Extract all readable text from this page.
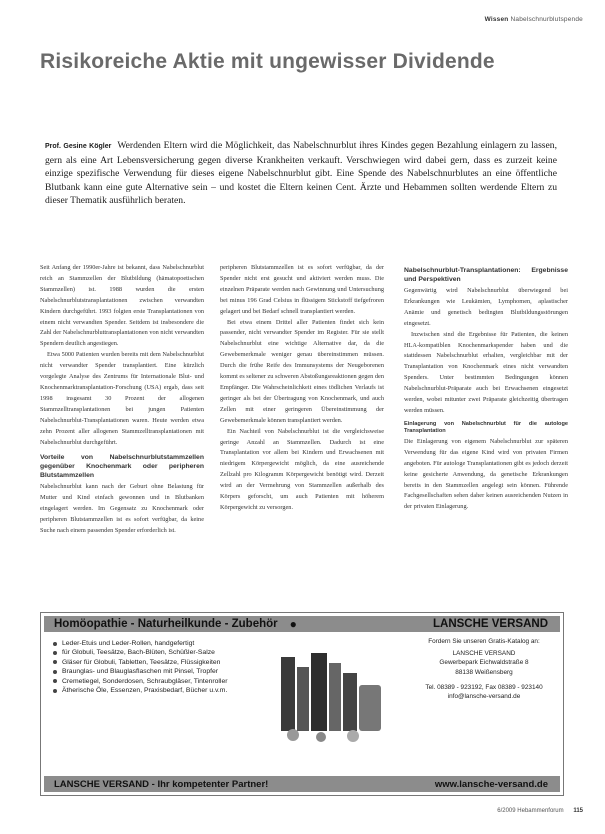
Wissen Nabelschnurblutspende
Risikoreiche Aktie mit ungewisser Dividende
Prof. Gesine Kögler Werdenden Eltern wird die Möglichkeit, das Nabelschnurblut ihres Kindes gegen Bezahlung einlagern zu lassen, gern als eine Art Lebensversicherung gegen diverse Krankheiten verkauft. Verschwiegen wird dabei gern, dass es zurzeit keine einzige spezifische Verwendung für dieses eigene Nabelschnurblut gibt. Eine Spende des Nabelschnurblutes an eine öffentliche Blutbank kann eine gute Alternative sein – und kostet die Eltern keinen Cent. Ärzte und Hebammen sollten werdende Eltern zu dieser Thematik ausführlich beraten.

Seit Anfang der 1990er-Jahre ist bekannt, dass Nabelschnurblut reich an Stammzellen der Blutbildung (hämatopoetischen Stammzellen) ist. 1988 wurden die ersten Nabelschnurblutstransplantationen zwischen verwandten Kindern durchgeführt. 1993 folgten erste Transplantationen von einem nicht verwandten Spender. Seitdem ist insbesondere die Zahl der Nabelschnurbluttransplantationen von nicht verwandten Spendern deutlich angestiegen.

Etwa 5000 Patienten wurden bereits mit dem Nabelschnurblut nicht verwandter Spender transplantiert. Eine kürzlich vorgelegte Analyse des Zentrums für Internationale Blut- und Knochenmarktransplantation-Forschung (USA) ergab, dass seit 1998 insgesamt 30 Prozent der allogenen Stammzelltransplantationen bei jungen Patienten Nabelschnurblut-Transplantationen waren. Heute werden etwa zehn Prozent aller allogenen Stammzelltransplantationen mit Nabelschnurblut durchgeführt.

Vorteile von Nabelschnurblutstammzellen gegenüber Knochenmark oder peripheren Blutstammzellen

Nabelschnurblut kann nach der Geburt ohne Belastung für Mutter und Kind einfach gewonnen und in Blutbanken eingelagert werden. Im Gegensatz zu Knochenmark oder peripheren Blutstammzellen ist es sofort verfügbar, da keine Suche nach einem passenden Spender erforderlich ist.

peripheren Blutstammzellen ist es sofort verfügbar, da der Spender nicht erst gesucht und aktiviert werden muss. Die einzelnen Präparate werden nach Gewinnung und Untersuchung bei minus 196 Grad Celsius in flüssigem Stickstoff tiefgefroren gelagert und bei Bedarf schnell transplantiert werden.

Bei etwa einem Drittel aller Patienten findet sich kein passender, nicht verwandter Spender im Register. Für sie stellt Nabelschnurblut eine wichtige Alternative dar, da die Gewebemerkmale weniger genau übereinstimmen müssen. Durch die frühe Reife des Immunsystems der Neugeborenen kommt es seltener zu schweren Abstoßungsreaktionen gegen den Empfänger. Die Wahrscheinlichkeit eines tödlichen Verlaufs ist geringer als bei der Übertragung von Knochenmark, und auch Zellen mit einer geringeren Übereinstimmung der Gewebemerkmale können transplantiert werden.

Ein Nachteil von Nabelschnurblut ist die vergleichsweise geringe Anzahl an Stammzellen. Dadurch ist eine Transplantation vor allem bei Kindern und Erwachsenen mit niedrigem Körpergewicht möglich, da eine ausreichende Zellzahl pro Kilogramm Körpergewicht benötigt wird. Derzeit wird an der Vermehrung von Stammzellen außerhalb des Körpers geforscht, um auch Patienten mit höherem Körpergewicht zu versorgen.

Nabelschnurblut-Transplantationen: Ergebnisse und Perspektiven

Gegenwärtig wird Nabelschnurblut überwiegend bei Erkrankungen wie Leukämien, Lymphomen, aplastischer Anämie und genetisch bedingten Blutbildungsstörungen eingesetzt.

Inzwischen sind die Ergebnisse für Patienten, die keinen HLA-kompatiblen Knochenmarkspender haben und die stattdessen Nabelschnurblut erhalten, vergleichbar mit der Transplantation von Knochenmark eines nicht verwandten Spenders. Unter bestimmten Bedingungen können Nabelschnurblut-Präparate auch bei Erwachsenen eingesetzt werden, wobei mitunter zwei Präparate gleichzeitig übertragen werden müssen.

Einlagerung von Nabelschnurblut für die autologe Transplantation

Die Einlagerung von eigenem Nabelschnurblut zur späteren Verwendung für das eigene Kind wird von privaten Firmen angeboten. Für autologe Transplantationen gibt es jedoch derzeit keine gesicherte Anwendung, da genetische Erkrankungen bereits in den Stammzellen angelegt sein können. Führende Fachgesellschaften sehen daher keinen ausreichenden Nutzen in der privaten Einlagerung.

Homöopathie - Naturheilkunde - Zubehör ●	LANSCHE VERSAND
Leder-Etuis und Leder-Rollen, handgefertigt
für Globuli, Teesätze, Bach-Blüten, Schüßler-Salze
Gläser für Globuli, Tabletten, Teesätze, Flüssigkeiten
Braunglas- und Blauglasflaschen mit Pinsel, Tropfer
Cremetiegel, Sonderdosen, Schraubgläser, Tintenroller
Ätherische Öle, Essenzen, Praxisbedarf, Bücher u.v.m.
Fordern Sie unseren Gratis-Katalog an:
LANSCHE VERSAND
Gewerbepark Eichwaldstraße 8
88138 Weißensberg
Tel. 08389 - 923192, Fax 08389 - 923140
info@lansche-versand.de
LANSCHE VERSAND - Ihr kompetenter Partner!	www.lansche-versand.de
6/2009 Hebammenforum 115
